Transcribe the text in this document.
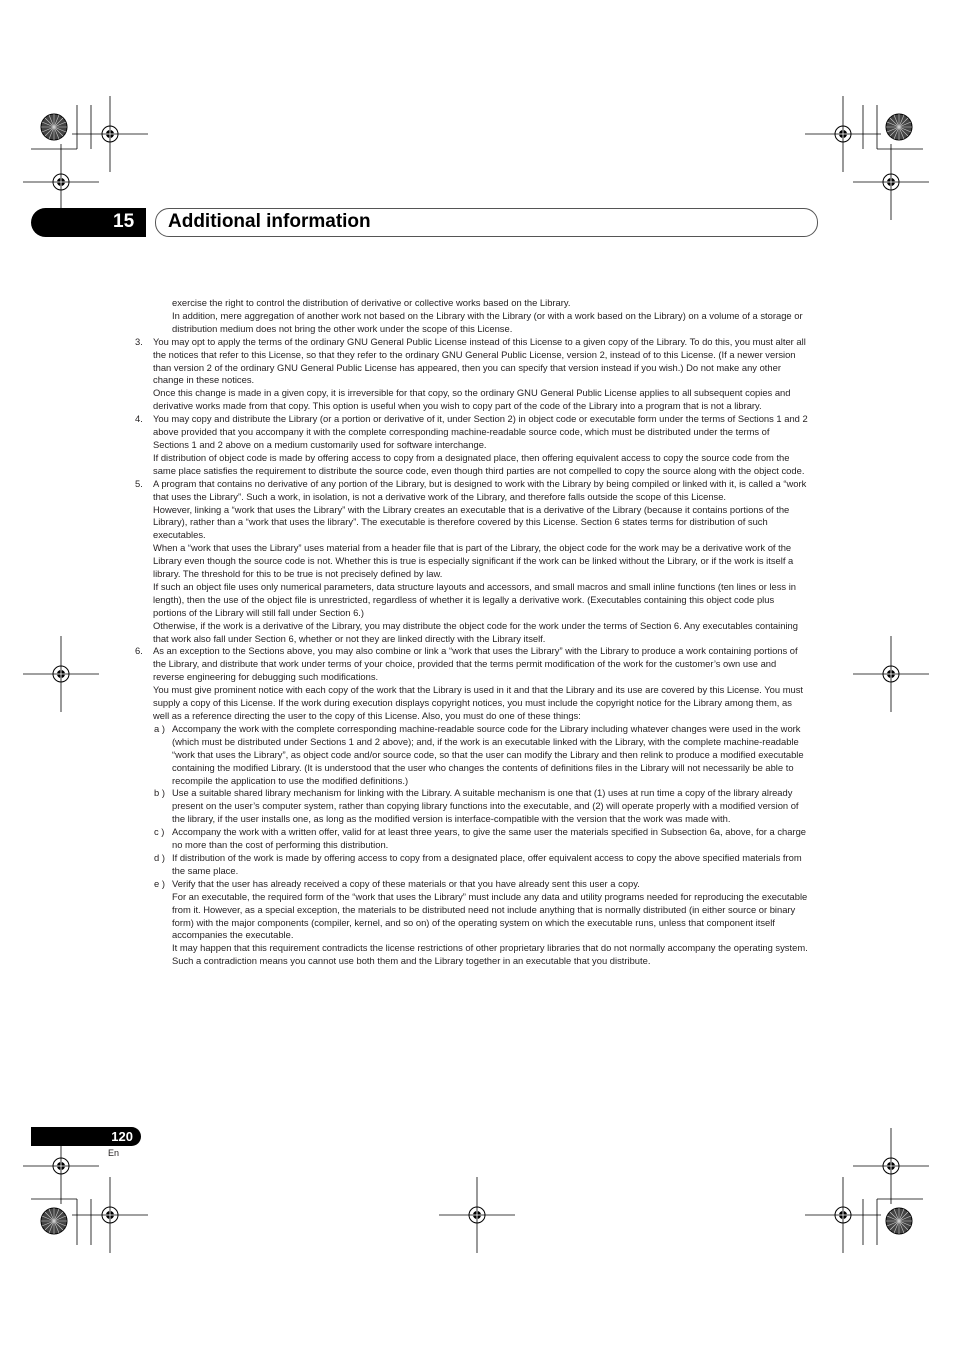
15 Additional information

exercise the right to control the distribution of derivative or collective works based on the Library.

In addition, mere aggregation of another work not based on the Library with the Library (or with a work based on the Library) on a volume of a storage or distribution medium does not bring the other work under the scope of this License.

3. You may opt to apply the terms of the ordinary GNU General Public License instead of this License to a given copy of the Library. To do this, you must alter all the notices that refer to this License, so that they refer to the ordinary GNU General Public License, version 2, instead of to this License. (If a newer version than version 2 of the ordinary GNU General Public License has appeared, then you can specify that version instead if you wish.) Do not make any other change in these notices.

Once this change is made in a given copy, it is irreversible for that copy, so the ordinary GNU General Public License applies to all subsequent copies and derivative works made from that copy. This option is useful when you wish to copy part of the code of the Library into a program that is not a library.

4. You may copy and distribute the Library (or a portion or derivative of it, under Section 2) in object code or executable form under the terms of Sections 1 and 2 above provided that you accompany it with the complete corresponding machine-readable source code, which must be distributed under the terms of Sections 1 and 2 above on a medium customarily used for software interchange.

If distribution of object code is made by offering access to copy from a designated place, then offering equivalent access to copy the source code from the same place satisfies the requirement to distribute the source code, even though third parties are not compelled to copy the source along with the object code.

5. A program that contains no derivative of any portion of the Library, but is designed to work with the Library by being compiled or linked with it, is called a “work that uses the Library”. Such a work, in isolation, is not a derivative work of the Library, and therefore falls outside the scope of this License.

However, linking a “work that uses the Library” with the Library creates an executable that is a derivative of the Library (because it contains portions of the Library), rather than a “work that uses the library”. The executable is therefore covered by this License. Section 6 states terms for distribution of such executables.

When a “work that uses the Library” uses material from a header file that is part of the Library, the object code for the work may be a derivative work of the Library even though the source code is not. Whether this is true is especially significant if the work can be linked without the Library, or if the work is itself a library. The threshold for this to be true is not precisely defined by law.

If such an object file uses only numerical parameters, data structure layouts and accessors, and small macros and small inline functions (ten lines or less in length), then the use of the object file is unrestricted, regardless of whether it is legally a derivative work. (Executables containing this object code plus portions of the Library will still fall under Section 6.)

Otherwise, if the work is a derivative of the Library, you may distribute the object code for the work under the terms of Section 6. Any executables containing that work also fall under Section 6, whether or not they are linked directly with the Library itself.

6. As an exception to the Sections above, you may also combine or link a “work that uses the Library” with the Library to produce a work containing portions of the Library, and distribute that work under terms of your choice, provided that the terms permit modification of the work for the customer’s own use and reverse engineering for debugging such modifications.

You must give prominent notice with each copy of the work that the Library is used in it and that the Library and its use are covered by this License. You must supply a copy of this License. If the work during execution displays copyright notices, you must include the copyright notice for the Library among them, as well as a reference directing the user to the copy of this License. Also, you must do one of these things:

a ) Accompany the work with the complete corresponding machine-readable source code for the Library including whatever changes were used in the work

(which must be distributed under Sections 1 and 2 above); and, if the work is an executable linked with the Library, with the complete machine-readable “work that uses the Library”, as object code and/or source code, so that the user can modify the Library and then relink to produce a modified executable containing the modified Library. (It is understood that the user who changes the contents of definitions files in the Library will not necessarily be able to recompile the application to use the modified definitions.)

b ) Use a suitable shared library mechanism for linking with the Library. A suitable mechanism is one that (1) uses at run time a copy of the library already present on the user’s computer system, rather than copying library functions into the executable, and (2) will operate properly with a modified version of the library, if the user installs one, as long as the modified version is interface-compatible with the version that the work was made with.

c ) Accompany the work with a written offer, valid for at least three years, to give the same user the materials specified in Subsection 6a, above, for a charge no more than the cost of performing this distribution.

d ) If distribution of the work is made by offering access to copy from a designated place, offer equivalent access to copy the above specified materials from the same place.

e ) Verify that the user has already received a copy of these materials or that you have already sent this user a copy.

For an executable, the required form of the “work that uses the Library” must include any data and utility programs needed for reproducing the executable from it. However, as a special exception, the materials to be distributed need not include anything that is normally distributed (in either source or binary form) with the major components (compiler, kernel, and so on) of the operating system on which the executable runs, unless that component itself accompanies the executable.

It may happen that this requirement contradicts the license restrictions of other proprietary libraries that do not normally accompany the operating system. Such a contradiction means you cannot use both them and the Library together in an executable that you distribute.

120
En
